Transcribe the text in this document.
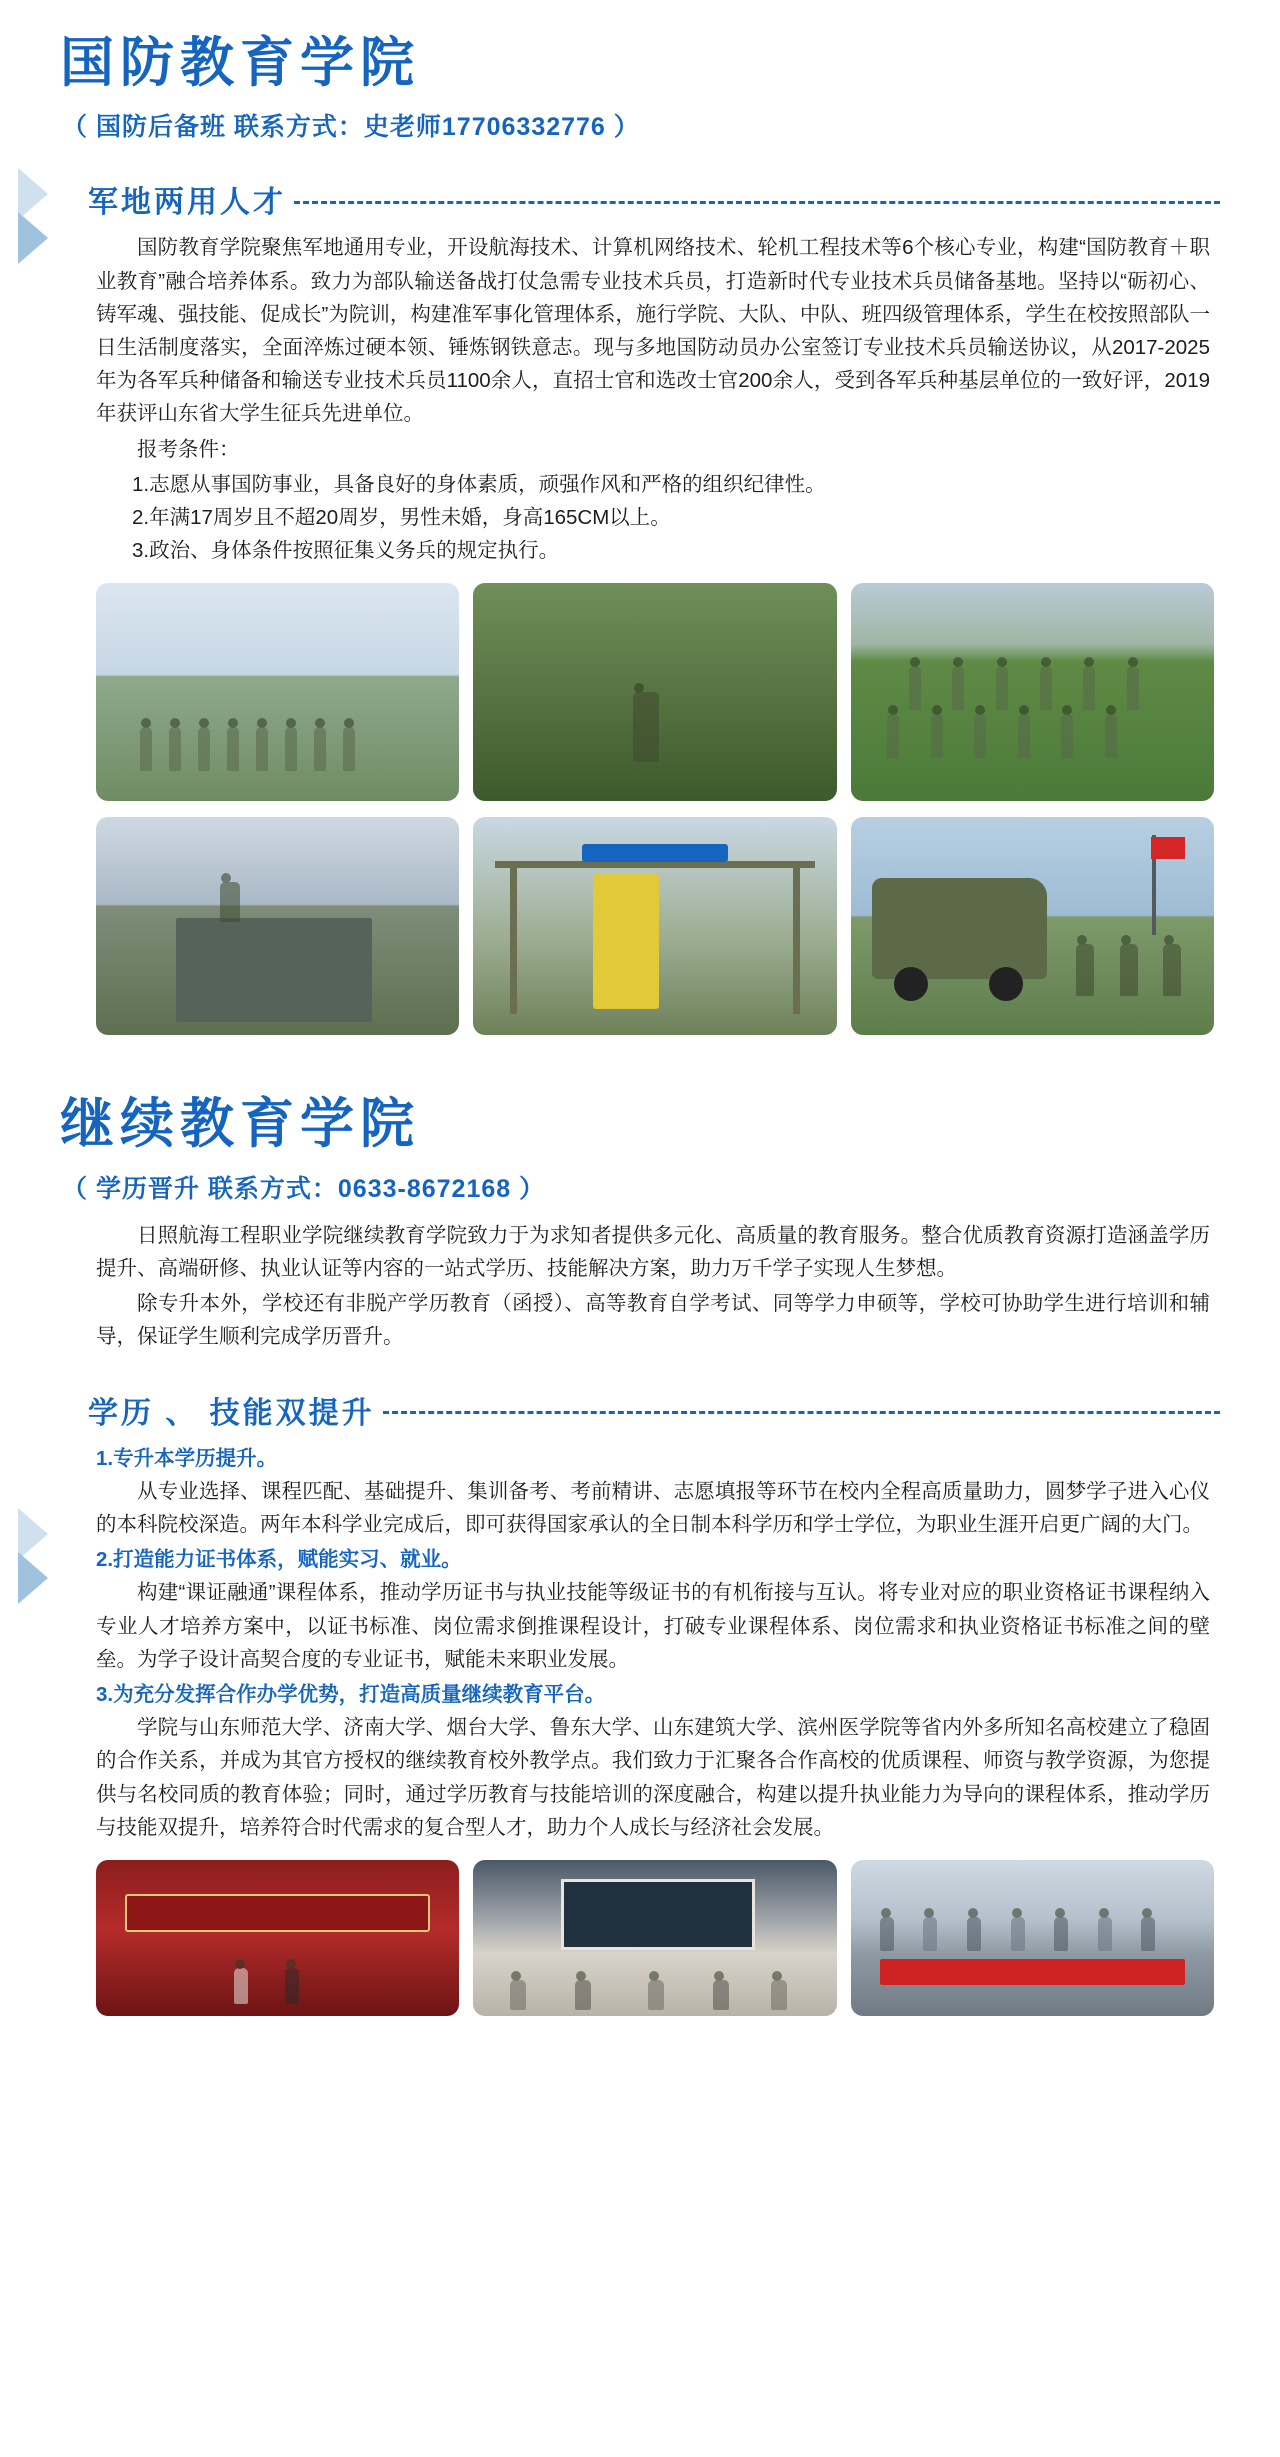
国防教育学院
（ 国防后备班 联系方式：史老师17706332776 ）
军地两用人才

国防教育学院聚焦军地通用专业，开设航海技术、计算机网络技术、轮机工程技术等6个核心专业，构建“国防教育＋职业教育”融合培养体系。致力为部队输送备战打仗急需专业技术兵员，打造新时代专业技术兵员储备基地。坚持以“砺初心、铸军魂、强技能、促成长”为院训，构建准军事化管理体系，施行学院、大队、中队、班四级管理体系，学生在校按照部队一日生活制度落实，全面淬炼过硬本领、锤炼钢铁意志。现与多地国防动员办公室签订专业技术兵员输送协议，从2017-2025年为各军兵种储备和输送专业技术兵员1100余人，直招士官和选改士官200余人，受到各军兵种基层单位的一致好评，2019年获评山东省大学生征兵先进单位。

报考条件：

1.志愿从事国防事业，具备良好的身体素质，顽强作风和严格的组织纪律性。

2.年满17周岁且不超20周岁，男性未婚，身高165CM以上。

3.政治、身体条件按照征集义务兵的规定执行。

继续教育学院
（ 学历晋升 联系方式：0633-8672168 ）

日照航海工程职业学院继续教育学院致力于为求知者提供多元化、高质量的教育服务。整合优质教育资源打造涵盖学历提升、高端研修、执业认证等内容的一站式学历、技能解决方案，助力万千学子实现人生梦想。

除专升本外，学校还有非脱产学历教育（函授）、高等教育自学考试、同等学力申硕等，学校可协助学生进行培训和辅导，保证学生顺利完成学历晋升。

学历 、 技能双提升

1.专升本学历提升。

从专业选择、课程匹配、基础提升、集训备考、考前精讲、志愿填报等环节在校内全程高质量助力，圆梦学子进入心仪的本科院校深造。两年本科学业完成后，即可获得国家承认的全日制本科学历和学士学位，为职业生涯开启更广阔的大门。

2.打造能力证书体系，赋能实习、就业。

构建“课证融通”课程体系，推动学历证书与执业技能等级证书的有机衔接与互认。将专业对应的职业资格证书课程纳入专业人才培养方案中，以证书标准、岗位需求倒推课程设计，打破专业课程体系、岗位需求和执业资格证书标准之间的壁垒。为学子设计高契合度的专业证书，赋能未来职业发展。

3.为充分发挥合作办学优势，打造高质量继续教育平台。

学院与山东师范大学、济南大学、烟台大学、鲁东大学、山东建筑大学、滨州医学院等省内外多所知名高校建立了稳固的合作关系，并成为其官方授权的继续教育校外教学点。我们致力于汇聚各合作高校的优质课程、师资与教学资源，为您提供与名校同质的教育体验；同时，通过学历教育与技能培训的深度融合，构建以提升执业能力为导向的课程体系，推动学历与技能双提升，培养符合时代需求的复合型人才，助力个人成长与经济社会发展。
